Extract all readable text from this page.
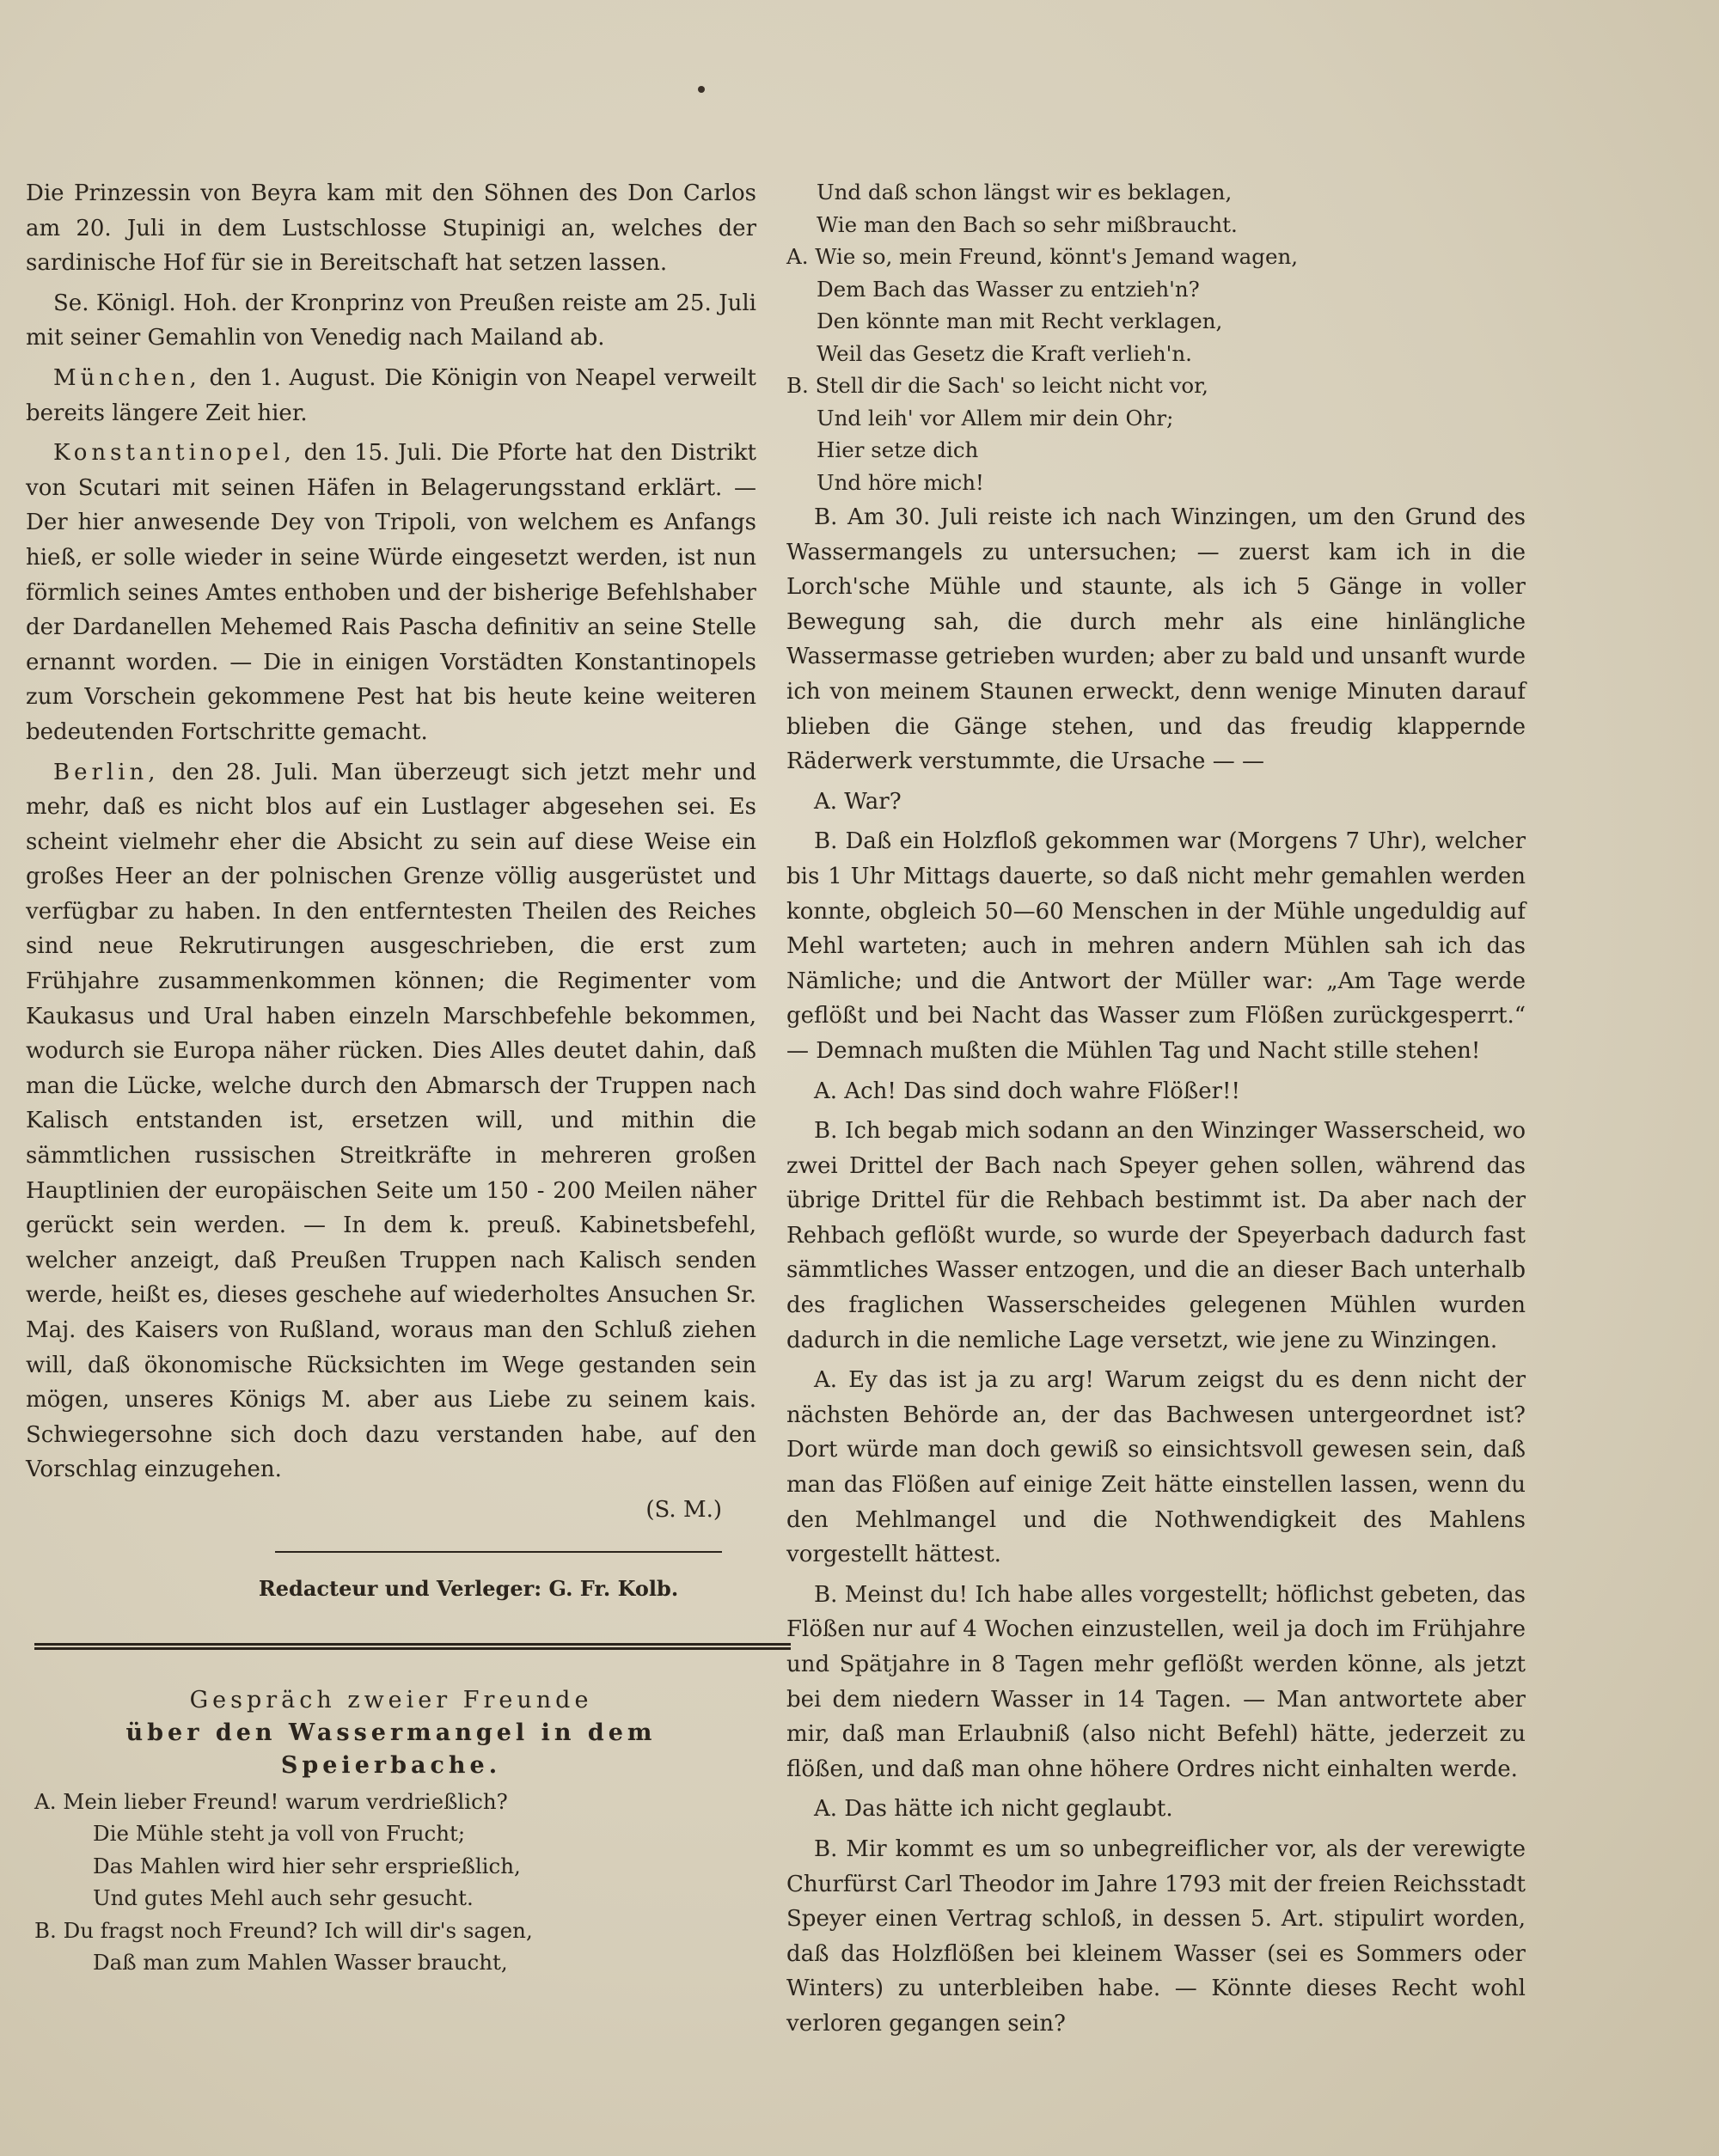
Die Prinzessin von Beyra kam mit den Söhnen des Don Carlos am 20. Juli in dem Lustschlosse Stupinigi an, welches der sardinische Hof für sie in Bereitschaft hat setzen lassen.

Se. Königl. Hoh. der Kronprinz von Preußen reiste am 25. Juli mit seiner Gemahlin von Venedig nach Mailand ab.

München, den 1. August. Die Königin von Neapel verweilt bereits längere Zeit hier.

Konstantinopel, den 15. Juli. Die Pforte hat den Distrikt von Scutari mit seinen Häfen in Belagerungsstand erklärt. — Der hier anwesende Dey von Tripoli, von welchem es Anfangs hieß, er solle wieder in seine Würde eingesetzt werden, ist nun förmlich seines Amtes enthoben und der bisherige Befehlshaber der Dardanellen Mehemed Rais Pascha definitiv an seine Stelle ernannt worden. — Die in einigen Vorstädten Konstantinopels zum Vorschein gekommene Pest hat bis heute keine weiteren bedeutenden Fortschritte gemacht.

Berlin, den 28. Juli. Man überzeugt sich jetzt mehr und mehr, daß es nicht blos auf ein Lustlager abgesehen sei. Es scheint vielmehr eher die Absicht zu sein auf diese Weise ein großes Heer an der polnischen Grenze völlig ausgerüstet und verfügbar zu haben. In den entferntesten Theilen des Reiches sind neue Rekrutirungen ausgeschrieben, die erst zum Frühjahre zusammenkommen können; die Regimenter vom Kaukasus und Ural haben einzeln Marschbefehle bekommen, wodurch sie Europa näher rücken. Dies Alles deutet dahin, daß man die Lücke, welche durch den Abmarsch der Truppen nach Kalisch entstanden ist, ersetzen will, und mithin die sämmtlichen russischen Streitkräfte in mehreren großen Hauptlinien der europäischen Seite um 150 - 200 Meilen näher gerückt sein werden. — In dem k. preuß. Kabinetsbefehl, welcher anzeigt, daß Preußen Truppen nach Kalisch senden werde, heißt es, dieses geschehe auf wiederholtes Ansuchen Sr. Maj. des Kaisers von Rußland, woraus man den Schluß ziehen will, daß ökonomische Rücksichten im Wege gestanden sein mögen, unseres Königs M. aber aus Liebe zu seinem kais. Schwiegersohne sich doch dazu verstanden habe, auf den Vorschlag einzugehen.

(S. M.)
Redacteur und Verleger: G. Fr. Kolb.
Gespräch zweier Freunde
über den Wassermangel in dem Speierbache.
A. Mein lieber Freund! warum verdrießlich?
Die Mühle steht ja voll von Frucht;
Das Mahlen wird hier sehr ersprießlich,
Und gutes Mehl auch sehr gesucht.
B. Du fragst noch Freund? Ich will dir's sagen,
Daß man zum Mahlen Wasser braucht,
Und daß schon längst wir es beklagen,
Wie man den Bach so sehr mißbraucht.
A. Wie so, mein Freund, könnt's Jemand wagen,
Dem Bach das Wasser zu entzieh'n?
Den könnte man mit Recht verklagen,
Weil das Gesetz die Kraft verlieh'n.
B. Stell dir die Sach' so leicht nicht vor,
Und leih' vor Allem mir dein Ohr;
Hier setze dich
Und höre mich!

B. Am 30. Juli reiste ich nach Winzingen, um den Grund des Wassermangels zu untersuchen; — zuerst kam ich in die Lorch'sche Mühle und staunte, als ich 5 Gänge in voller Bewegung sah, die durch mehr als eine hinlängliche Wassermasse getrieben wurden; aber zu bald und unsanft wurde ich von meinem Staunen erweckt, denn wenige Minuten darauf blieben die Gänge stehen, und das freudig klappernde Räderwerk verstummte, die Ursache — —

A. War?

B. Daß ein Holzfloß gekommen war (Morgens 7 Uhr), welcher bis 1 Uhr Mittags dauerte, so daß nicht mehr gemahlen werden konnte, obgleich 50—60 Menschen in der Mühle ungeduldig auf Mehl warteten; auch in mehren andern Mühlen sah ich das Nämliche; und die Antwort der Müller war: „Am Tage werde geflößt und bei Nacht das Wasser zum Flößen zurückgesperrt.“ — Demnach mußten die Mühlen Tag und Nacht stille stehen!

A. Ach! Das sind doch wahre Flößer!!

B. Ich begab mich sodann an den Winzinger Wasserscheid, wo zwei Drittel der Bach nach Speyer gehen sollen, während das übrige Drittel für die Rehbach bestimmt ist. Da aber nach der Rehbach geflößt wurde, so wurde der Speyerbach dadurch fast sämmtliches Wasser entzogen, und die an dieser Bach unterhalb des fraglichen Wasserscheides gelegenen Mühlen wurden dadurch in die nemliche Lage versetzt, wie jene zu Winzingen.

A. Ey das ist ja zu arg! Warum zeigst du es denn nicht der nächsten Behörde an, der das Bachwesen untergeordnet ist? Dort würde man doch gewiß so einsichtsvoll gewesen sein, daß man das Flößen auf einige Zeit hätte einstellen lassen, wenn du den Mehlmangel und die Nothwendigkeit des Mahlens vorgestellt hättest.

B. Meinst du! Ich habe alles vorgestellt; höflichst gebeten, das Flößen nur auf 4 Wochen einzustellen, weil ja doch im Frühjahre und Spätjahre in 8 Tagen mehr geflößt werden könne, als jetzt bei dem niedern Wasser in 14 Tagen. — Man antwortete aber mir, daß man Erlaubniß (also nicht Befehl) hätte, jederzeit zu flößen, und daß man ohne höhere Ordres nicht einhalten werde.

A. Das hätte ich nicht geglaubt.

B. Mir kommt es um so unbegreiflicher vor, als der verewigte Churfürst Carl Theodor im Jahre 1793 mit der freien Reichsstadt Speyer einen Vertrag schloß, in dessen 5. Art. stipulirt worden, daß das Holzflößen bei kleinem Wasser (sei es Sommers oder Winters) zu unterbleiben habe. — Könnte dieses Recht wohl verloren gegangen sein?
